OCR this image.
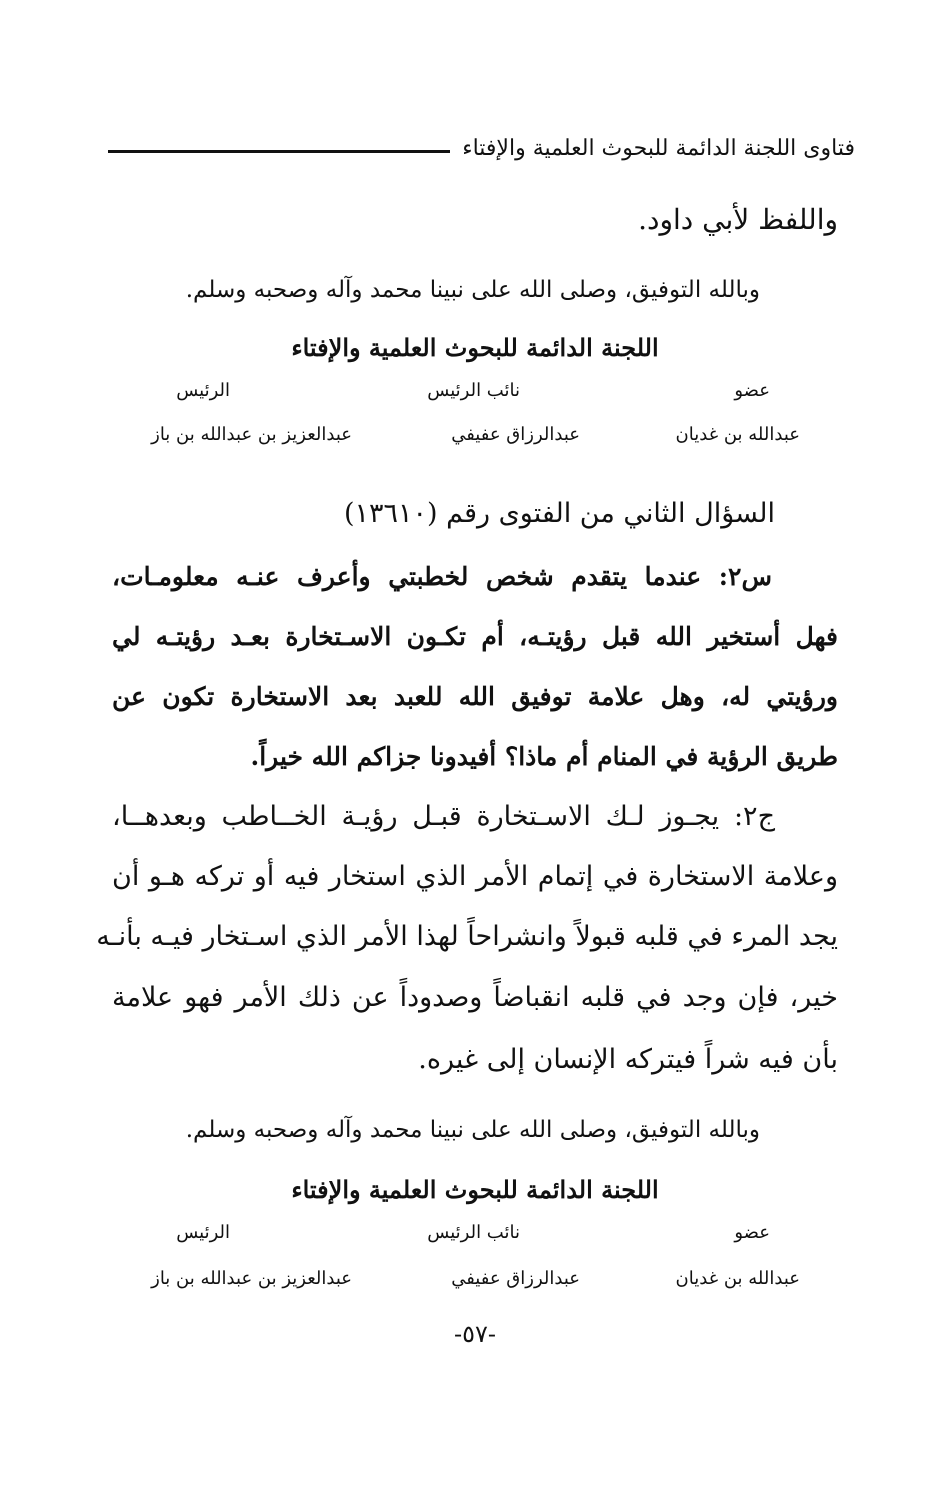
فتاوى اللجنة الدائمة للبحوث العلمية والإفتاء
واللفظ لأبي داود.
وبالله التوفيق، وصلى الله على نبينا محمد وآله وصحبه وسلم.
اللجنة الدائمة للبحوث العلمية والإفتاء
عضو
نائب الرئيس
الرئيس
عبدالله بن غديان
عبدالرزاق عفيفي
عبدالعزيز بن عبدالله بن باز
السؤال الثاني من الفتوى رقم (١٣٦١٠)
س٢: عندما يتقدم شخص لخطبتي وأعرف عنـه معلومـات،
فهل أستخير الله قبل رؤيتـه، أم تكـون الاسـتخارة بعـد رؤيتـه لي
ورؤيتي له، وهل علامة توفيق الله للعبد بعد الاستخارة تكون عن
طريق الرؤية في المنام أم ماذا؟ أفيدونا جزاكم الله خيراً.
ج٢: يجـوز لـك الاسـتخارة قبـل رؤيـة الخــاطب وبعدهــا،
وعلامة الاستخارة في إتمام الأمر الذي استخار فيه أو تركه هـو أن
يجد المرء في قلبه قبولاً وانشراحاً لهذا الأمر الذي اسـتخار فيـه بأنـه
خير، فإن وجد في قلبه انقباضاً وصدوداً عن ذلك الأمر فهو علامة
بأن فيه شراً فيتركه الإنسان إلى غيره.
وبالله التوفيق، وصلى الله على نبينا محمد وآله وصحبه وسلم.
اللجنة الدائمة للبحوث العلمية والإفتاء
عضو
نائب الرئيس
الرئيس
عبدالله بن غديان
عبدالرزاق عفيفي
عبدالعزيز بن عبدالله بن باز
-٥٧-
